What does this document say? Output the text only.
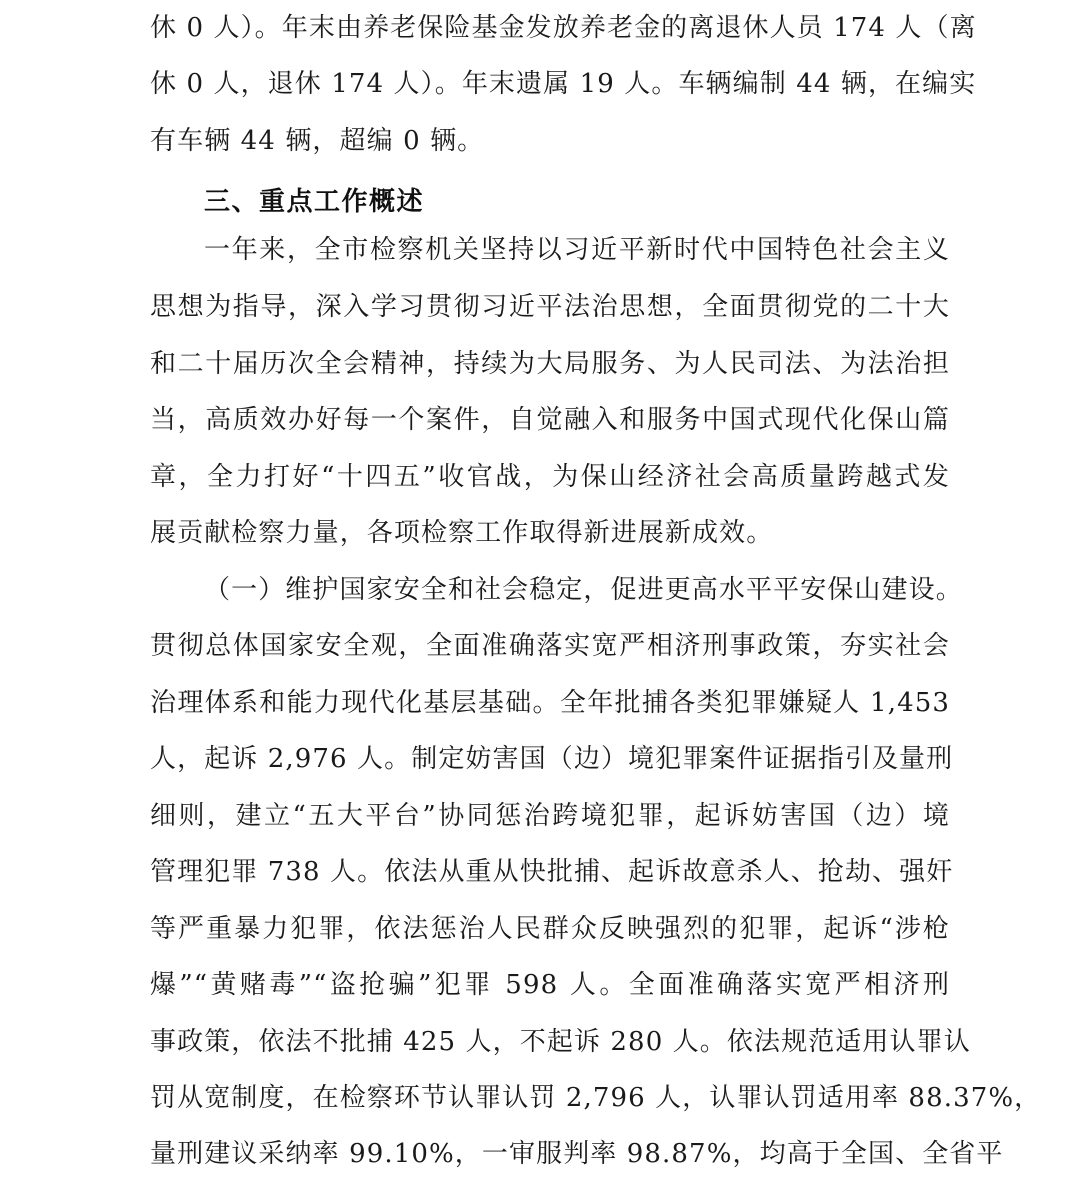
休 0 人）。年末由养老保险基金发放养老金的离退休人员 174 人（离
休 0 人，退休 174 人）。年末遗属 19 人。车辆编制 44 辆，在编实
有车辆 44 辆，超编 0 辆。
三、重点工作概述
一年来，全市检察机关坚持以习近平新时代中国特色社会主义
思想为指导，深入学习贯彻习近平法治思想，全面贯彻党的二十大
和二十届历次全会精神，持续为大局服务、为人民司法、为法治担
当，高质效办好每一个案件，自觉融入和服务中国式现代化保山篇
章，全力打好“十四五”收官战，为保山经济社会高质量跨越式发
展贡献检察力量，各项检察工作取得新进展新成效。
（一）维护国家安全和社会稳定，促进更高水平平安保山建设。
贯彻总体国家安全观，全面准确落实宽严相济刑事政策，夯实社会
治理体系和能力现代化基层基础。全年批捕各类犯罪嫌疑人 1,453
人，起诉 2,976 人。制定妨害国（边）境犯罪案件证据指引及量刑
细则，建立“五大平台”协同惩治跨境犯罪，起诉妨害国（边）境
管理犯罪 738 人。依法从重从快批捕、起诉故意杀人、抢劫、强奸
等严重暴力犯罪，依法惩治人民群众反映强烈的犯罪，起诉“涉枪
爆”“黄赌毒”“盗抢骗”犯罪 598 人。全面准确落实宽严相济刑
事政策，依法不批捕 425 人，不起诉 280 人。依法规范适用认罪认
罚从宽制度，在检察环节认罪认罚 2,796 人，认罪认罚适用率 88.37%，
量刑建议采纳率 99.10%，一审服判率 98.87%，均高于全国、全省平
